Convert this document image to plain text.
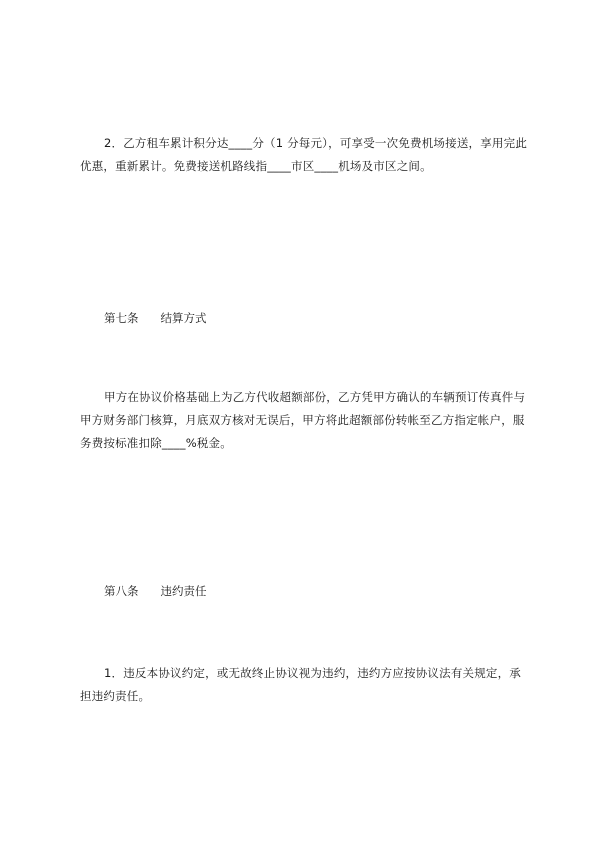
2．乙方租车累计积分达____分（1 分每元），可享受一次免费机场接送，享用完此优惠，重新累计。免费接送机路线指____市区____机场及市区之间。

第七条 结算方式

甲方在协议价格基础上为乙方代收超额部份，乙方凭甲方确认的车辆预订传真件与甲方财务部门核算，月底双方核对无误后，甲方将此超额部份转帐至乙方指定帐户，服务费按标准扣除____%税金。

第八条 违约责任

1．违反本协议约定，或无故终止协议视为违约，违约方应按协议法有关规定，承担违约责任。
